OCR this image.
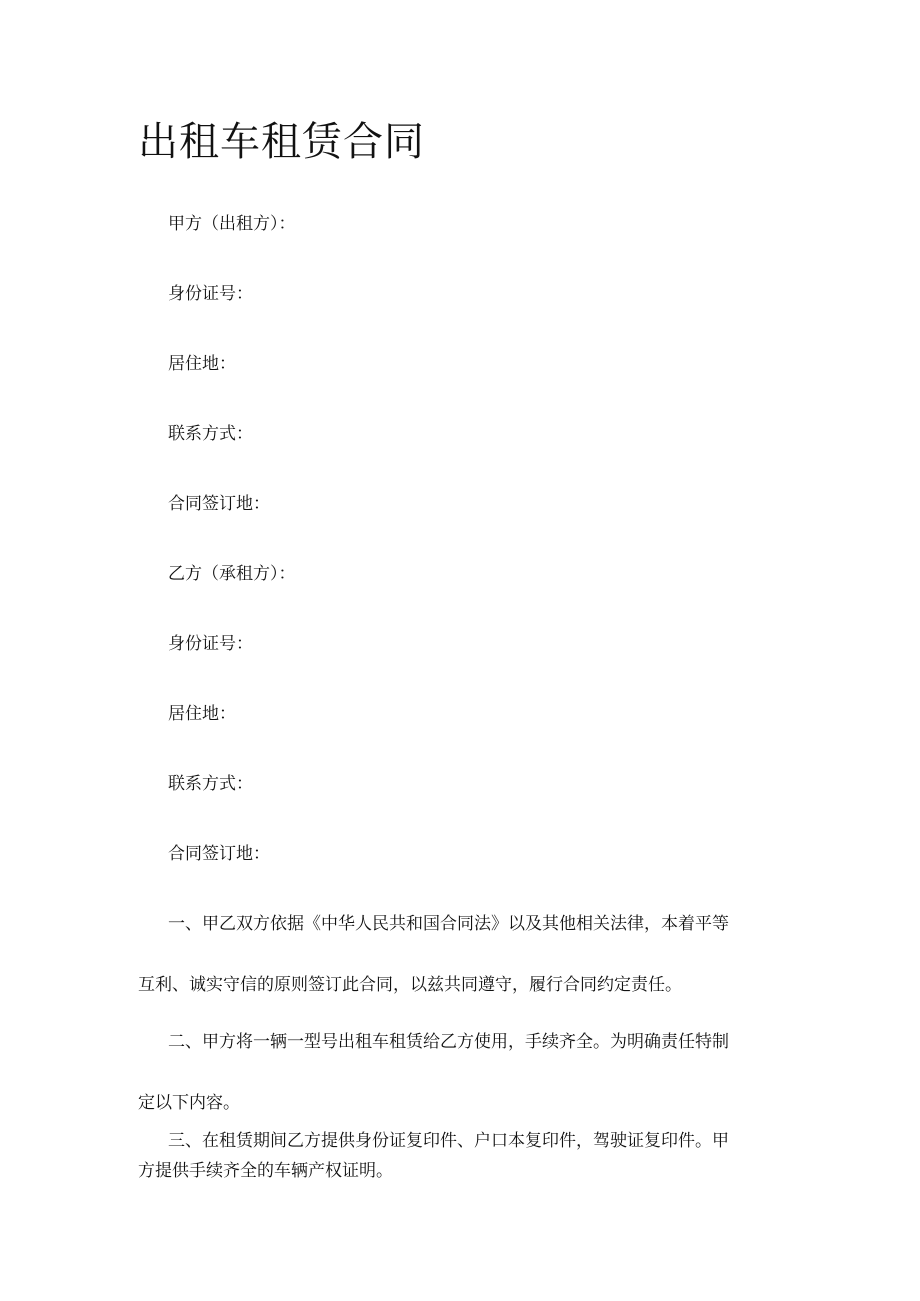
出租车租赁合同

甲方（出租方）：

身份证号：

居住地：

联系方式：

合同签订地：

乙方（承租方）：

身份证号：

居住地：

联系方式：

合同签订地：

一、甲乙双方依据《中华人民共和国合同法》以及其他相关法律，本着平等
互利、诚实守信的原则签订此合同，以兹共同遵守，履行合同约定责任。
二、甲方将一辆一型号出租车租赁给乙方使用，手续齐全。为明确责任特制
定以下内容。
三、在租赁期间乙方提供身份证复印件、户口本复印件，驾驶证复印件。甲
方提供手续齐全的车辆产权证明。
